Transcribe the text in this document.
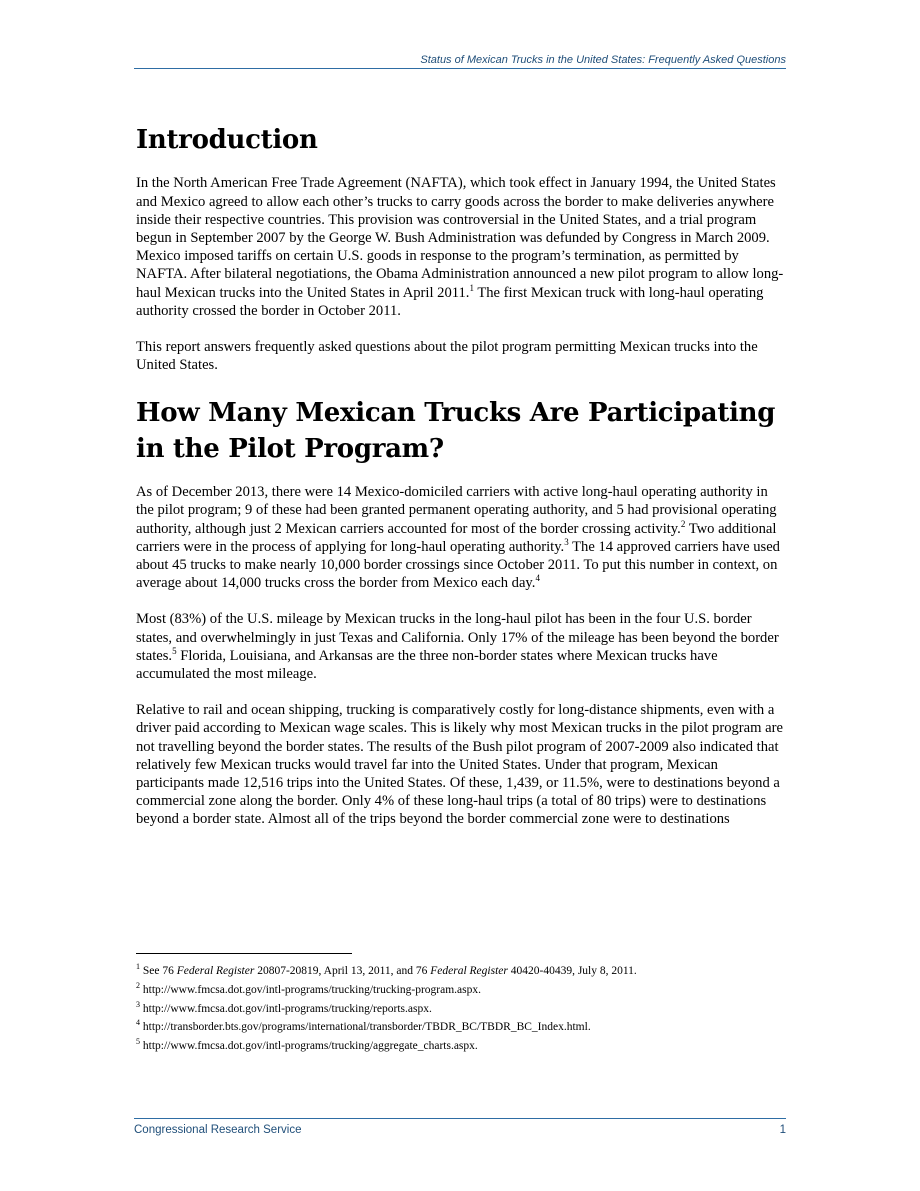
Status of Mexican Trucks in the United States: Frequently Asked Questions
Introduction

In the North American Free Trade Agreement (NAFTA), which took effect in January 1994, the United States and Mexico agreed to allow each other’s trucks to carry goods across the border to make deliveries anywhere inside their respective countries. This provision was controversial in the United States, and a trial program begun in September 2007 by the George W. Bush Administration was defunded by Congress in March 2009. Mexico imposed tariffs on certain U.S. goods in response to the program’s termination, as permitted by NAFTA. After bilateral negotiations, the Obama Administration announced a new pilot program to allow long-haul Mexican trucks into the United States in April 2011.$^1$ The first Mexican truck with long-haul operating authority crossed the border in October 2011.

This report answers frequently asked questions about the pilot program permitting Mexican trucks into the United States.

How Many Mexican Trucks Are Participating in the Pilot Program?

As of December 2013, there were 14 Mexico-domiciled carriers with active long-haul operating authority in the pilot program; 9 of these had been granted permanent operating authority, and 5 had provisional operating authority, although just 2 Mexican carriers accounted for most of the border crossing activity.$^2$ Two additional carriers were in the process of applying for long-haul operating authority.$^3$ The 14 approved carriers have used about 45 trucks to make nearly 10,000 border crossings since October 2011. To put this number in context, on average about 14,000 trucks cross the border from Mexico each day.$^4$

Most (83%) of the U.S. mileage by Mexican trucks in the long-haul pilot has been in the four U.S. border states, and overwhelmingly in just Texas and California. Only 17% of the mileage has been beyond the border states.$^5$ Florida, Louisiana, and Arkansas are the three non-border states where Mexican trucks have accumulated the most mileage.

Relative to rail and ocean shipping, trucking is comparatively costly for long-distance shipments, even with a driver paid according to Mexican wage scales. This is likely why most Mexican trucks in the pilot program are not travelling beyond the border states. The results of the Bush pilot program of 2007-2009 also indicated that relatively few Mexican trucks would travel far into the United States. Under that program, Mexican participants made 12,516 trips into the United States. Of these, 1,439, or 11.5%, were to destinations beyond a commercial zone along the border. Only 4% of these long-haul trips (a total of 80 trips) were to destinations beyond a border state. Almost all of the trips beyond the border commercial zone were to destinations

$^1$ See 76 Federal Register 20807-20819, April 13, 2011, and 76 Federal Register 40420-40439, July 8, 2011.
$^2$ http://www.fmcsa.dot.gov/intl-programs/trucking/trucking-program.aspx.
$^3$ http://www.fmcsa.dot.gov/intl-programs/trucking/reports.aspx.
$^4$ http://transborder.bts.gov/programs/international/transborder/TBDR_BC/TBDR_BC_Index.html.
$^5$ http://www.fmcsa.dot.gov/intl-programs/trucking/aggregate_charts.aspx.
Congressional Research Service	1
